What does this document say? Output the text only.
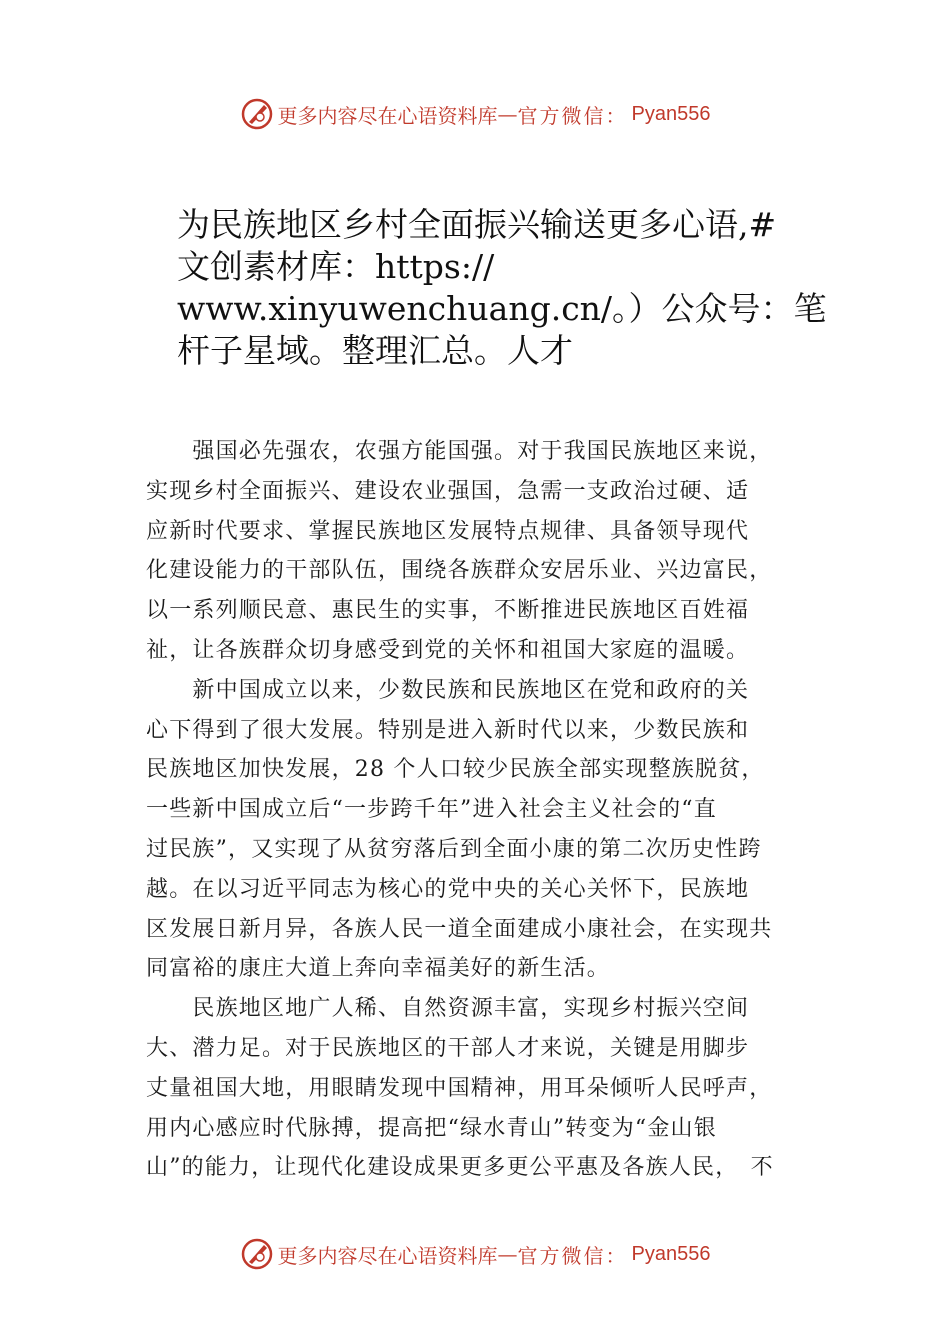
更多内容尽在心语资料库 — 官方微信： Pyan556
为民族地区乡村全面振兴输送更多心语,#
文创素材库：https://
www.xinyuwenchuang.cn/。）公众号：笔
杆子星域。整理汇总。人才
　　强国必先强农，农强方能国强。对于我国民族地区来说，
实现乡村全面振兴、建设农业强国，急需一支政治过硬、适
应新时代要求、掌握民族地区发展特点规律、具备领导现代
化建设能力的干部队伍，围绕各族群众安居乐业、兴边富民，
以一系列顺民意、惠民生的实事，不断推进民族地区百姓福
祉，让各族群众切身感受到党的关怀和祖国大家庭的温暖。
　　新中国成立以来，少数民族和民族地区在党和政府的关
心下得到了很大发展。特别是进入新时代以来，少数民族和
民族地区加快发展，28 个人口较少民族全部实现整族脱贫，
一些新中国成立后“一步跨千年”进入社会主义社会的“直
过民族”，又实现了从贫穷落后到全面小康的第二次历史性跨
越。在以习近平同志为核心的党中央的关心关怀下，民族地
区发展日新月异，各族人民一道全面建成小康社会，在实现共
同富裕的康庄大道上奔向幸福美好的新生活。
　　民族地区地广人稀、自然资源丰富，实现乡村振兴空间
大、潜力足。对于民族地区的干部人才来说，关键是用脚步
丈量祖国大地，用眼睛发现中国精神，用耳朵倾听人民呼声，
用内心感应时代脉搏，提高把“绿水青山”转变为“金山银
山”的能力，让现代化建设成果更多更公平惠及各族人民，　不
更多内容尽在心语资料库 — 官方微信： Pyan556
